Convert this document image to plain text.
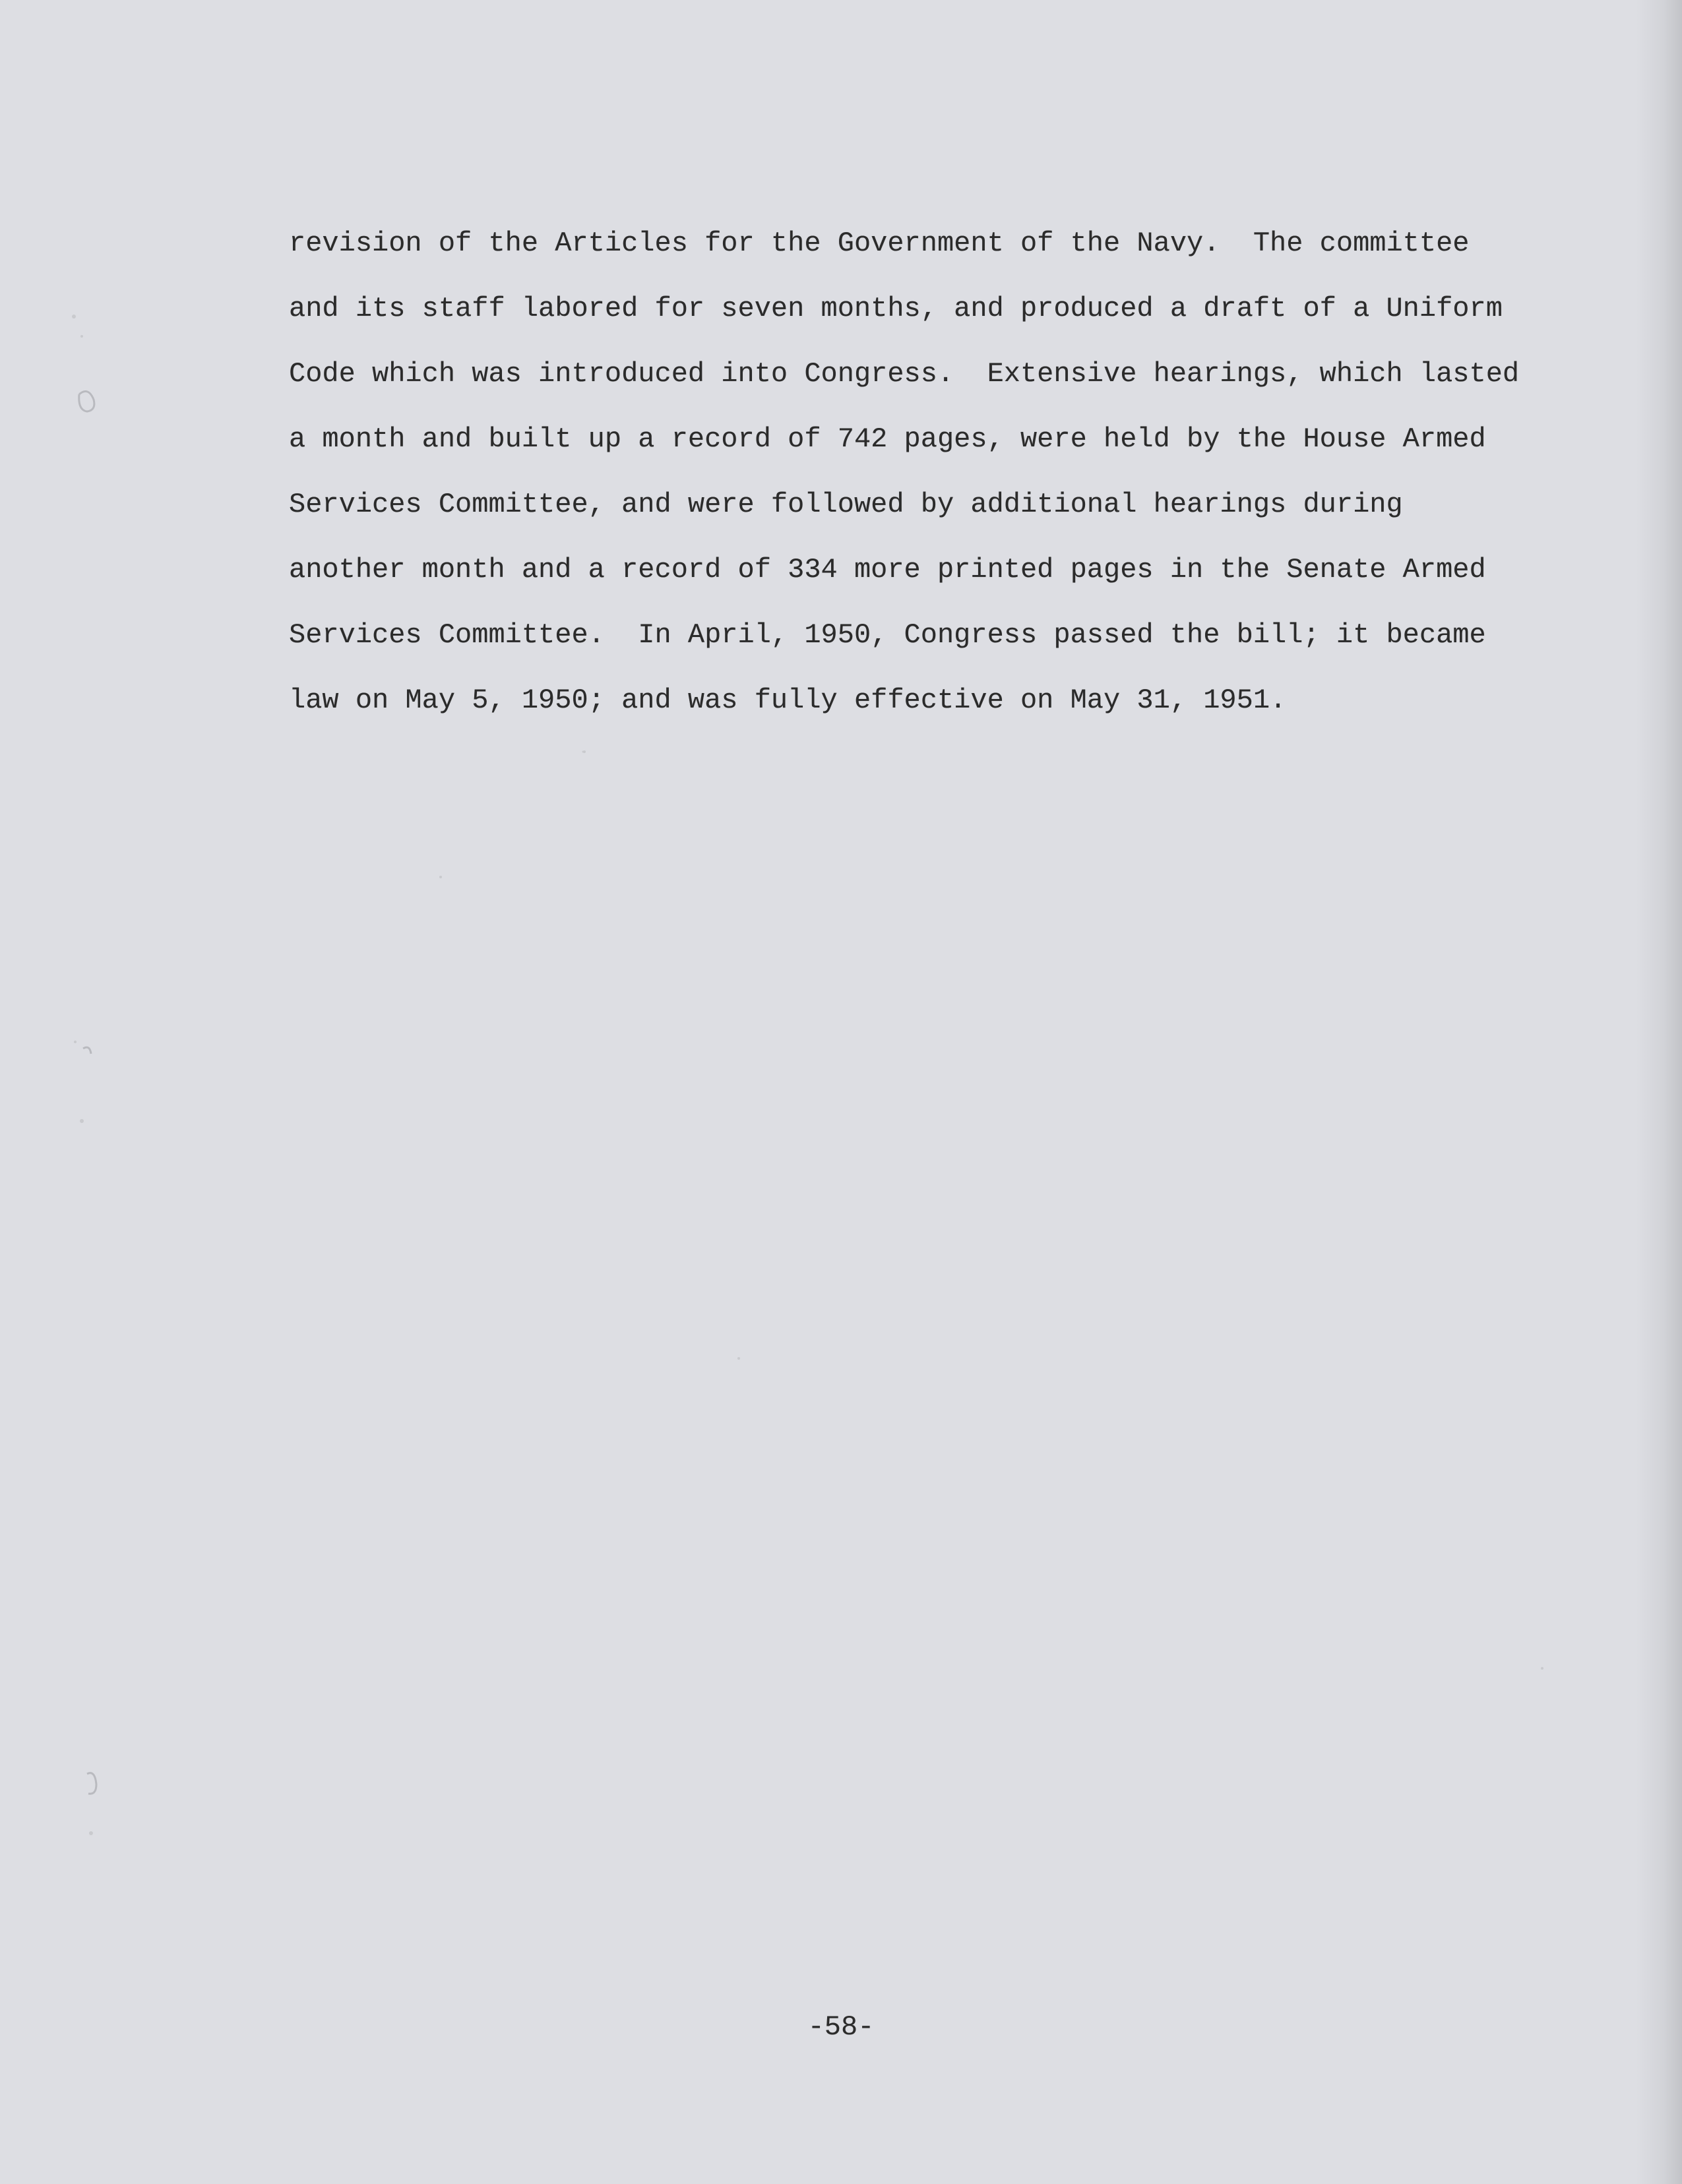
revision of the Articles for the Government of the Navy.  The committee
and its staff labored for seven months, and produced a draft of a Uniform
Code which was introduced into Congress.  Extensive hearings, which lasted
a month and built up a record of 742 pages, were held by the House Armed
Services Committee, and were followed by additional hearings during
another month and a record of 334 more printed pages in the Senate Armed
Services Committee.  In April, 1950, Congress passed the bill; it became
law on May 5, 1950; and was fully effective on May 31, 1951.
-58-
